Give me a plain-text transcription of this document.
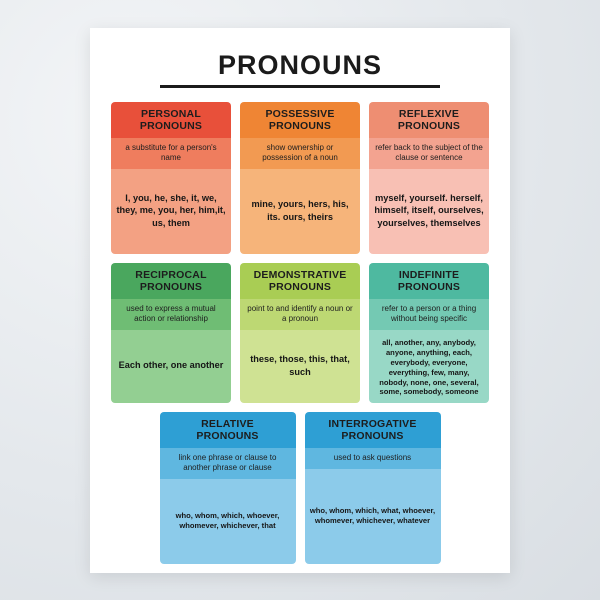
PRONOUNS
PERSONAL
PRONOUNS
a substitute for a person's name
I, you, he, she, it, we, they, me, you, her, him,it, us, them
POSSESSIVE
PRONOUNS
show ownership or possession of a noun
mine, yours, hers, his, its. ours, theirs
REFLEXIVE
PRONOUNS
refer back to the subject of the clause or sentence
myself, yourself. herself, himself, itself, ourselves, yourselves, themselves
RECIPROCAL
PRONOUNS
used to express a mutual action or relationship
Each other, one another
DEMONSTRATIVE
PRONOUNS
point to and identify a noun or a pronoun
these, those, this, that, such
INDEFINITE
PRONOUNS
refer to a person or a thing without being specific
all, another, any, anybody, anyone, anything, each, everybody, everyone, everything, few, many, nobody, none, one, several, some, somebody, someone
RELATIVE
PRONOUNS
link one phrase or clause to another phrase or clause
who, whom, which, whoever, whomever, whichever, that
INTERROGATIVE
PRONOUNS
used to ask questions
who, whom, which, what, whoever, whomever, whichever, whatever
